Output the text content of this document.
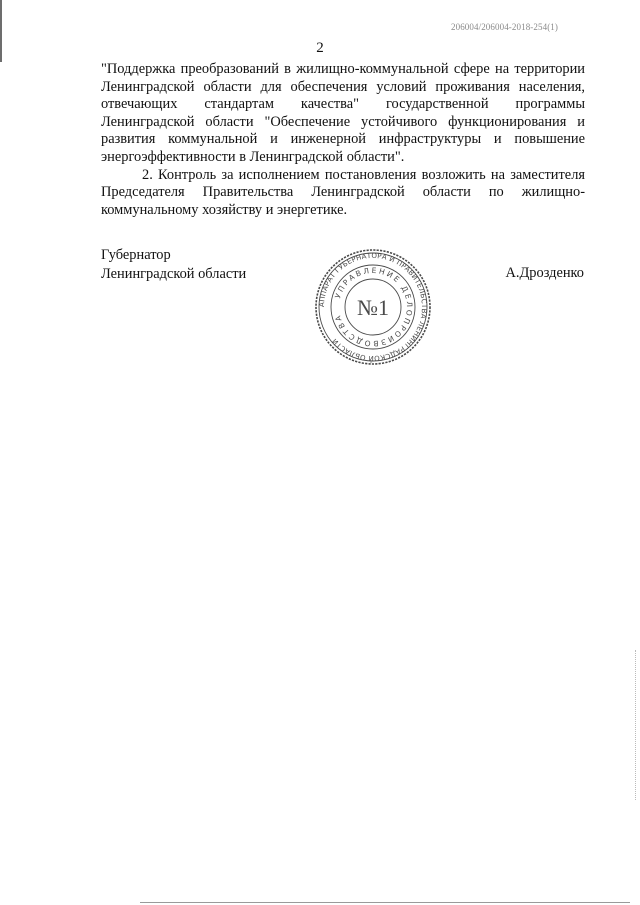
206004/206004-2018-254(1)
2

"Поддержка преобразований в жилищно-коммунальной сфере на территории Ленинградской области для обеспечения условий проживания населения, отвечающих стандартам качества" государственной программы Ленинградской области "Обеспечение устойчивого функционирования и развития коммунальной и инженерной инфраструктуры и повышение энергоэффективности в Ленинградской области".

2. Контроль за исполнением постановления возложить на заместителя Председателя Правительства Ленинградской области по жилищно-коммунальному хозяйству и энергетике.

Губернатор
Ленинградской области
АППАРАТ ГУБЕРНАТОРА И ПРАВИТЕЛЬСТВА ЛЕНИНГРАДСКОЙ ОБЛАСТИ
УПРАВЛЕНИЕ ДЕЛОПРОИЗВОДСТВА №1
А.Дрозденко
